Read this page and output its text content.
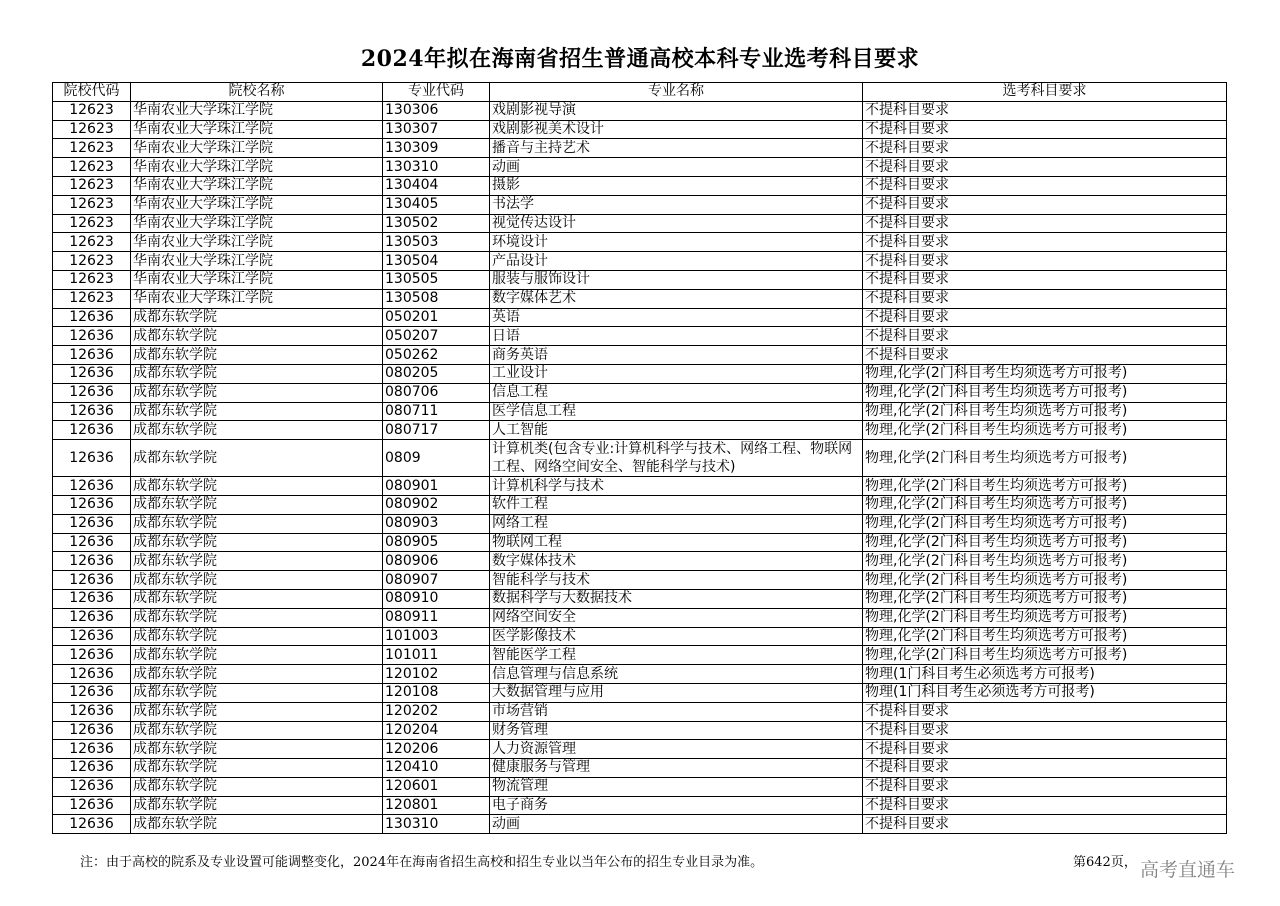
2024年拟在海南省招生普通高校本科专业选考科目要求
院校代码	院校名称	专业代码	专业名称	选考科目要求
12623	华南农业大学珠江学院	130306	戏剧影视导演	不提科目要求
12623	华南农业大学珠江学院	130307	戏剧影视美术设计	不提科目要求
12623	华南农业大学珠江学院	130309	播音与主持艺术	不提科目要求
12623	华南农业大学珠江学院	130310	动画	不提科目要求
12623	华南农业大学珠江学院	130404	摄影	不提科目要求
12623	华南农业大学珠江学院	130405	书法学	不提科目要求
12623	华南农业大学珠江学院	130502	视觉传达设计	不提科目要求
12623	华南农业大学珠江学院	130503	环境设计	不提科目要求
12623	华南农业大学珠江学院	130504	产品设计	不提科目要求
12623	华南农业大学珠江学院	130505	服装与服饰设计	不提科目要求
12623	华南农业大学珠江学院	130508	数字媒体艺术	不提科目要求
12636	成都东软学院	050201	英语	不提科目要求
12636	成都东软学院	050207	日语	不提科目要求
12636	成都东软学院	050262	商务英语	不提科目要求
12636	成都东软学院	080205	工业设计	物理,化学(2门科目考生均须选考方可报考)
12636	成都东软学院	080706	信息工程	物理,化学(2门科目考生均须选考方可报考)
12636	成都东软学院	080711	医学信息工程	物理,化学(2门科目考生均须选考方可报考)
12636	成都东软学院	080717	人工智能	物理,化学(2门科目考生均须选考方可报考)
12636	成都东软学院	0809	计算机类(包含专业:计算机科学与技术、网络工程、物联网工程、网络空间安全、智能科学与技术)	物理,化学(2门科目考生均须选考方可报考)
12636	成都东软学院	080901	计算机科学与技术	物理,化学(2门科目考生均须选考方可报考)
12636	成都东软学院	080902	软件工程	物理,化学(2门科目考生均须选考方可报考)
12636	成都东软学院	080903	网络工程	物理,化学(2门科目考生均须选考方可报考)
12636	成都东软学院	080905	物联网工程	物理,化学(2门科目考生均须选考方可报考)
12636	成都东软学院	080906	数字媒体技术	物理,化学(2门科目考生均须选考方可报考)
12636	成都东软学院	080907	智能科学与技术	物理,化学(2门科目考生均须选考方可报考)
12636	成都东软学院	080910	数据科学与大数据技术	物理,化学(2门科目考生均须选考方可报考)
12636	成都东软学院	080911	网络空间安全	物理,化学(2门科目考生均须选考方可报考)
12636	成都东软学院	101003	医学影像技术	物理,化学(2门科目考生均须选考方可报考)
12636	成都东软学院	101011	智能医学工程	物理,化学(2门科目考生均须选考方可报考)
12636	成都东软学院	120102	信息管理与信息系统	物理(1门科目考生必须选考方可报考)
12636	成都东软学院	120108	大数据管理与应用	物理(1门科目考生必须选考方可报考)
12636	成都东软学院	120202	市场营销	不提科目要求
12636	成都东软学院	120204	财务管理	不提科目要求
12636	成都东软学院	120206	人力资源管理	不提科目要求
12636	成都东软学院	120410	健康服务与管理	不提科目要求
12636	成都东软学院	120601	物流管理	不提科目要求
12636	成都东软学院	120801	电子商务	不提科目要求
12636	成都东软学院	130310	动画	不提科目要求
注：由于高校的院系及专业设置可能调整变化，2024年在海南省招生高校和招生专业以当年公布的招生专业目录为准。	第642页， 高考直通车
